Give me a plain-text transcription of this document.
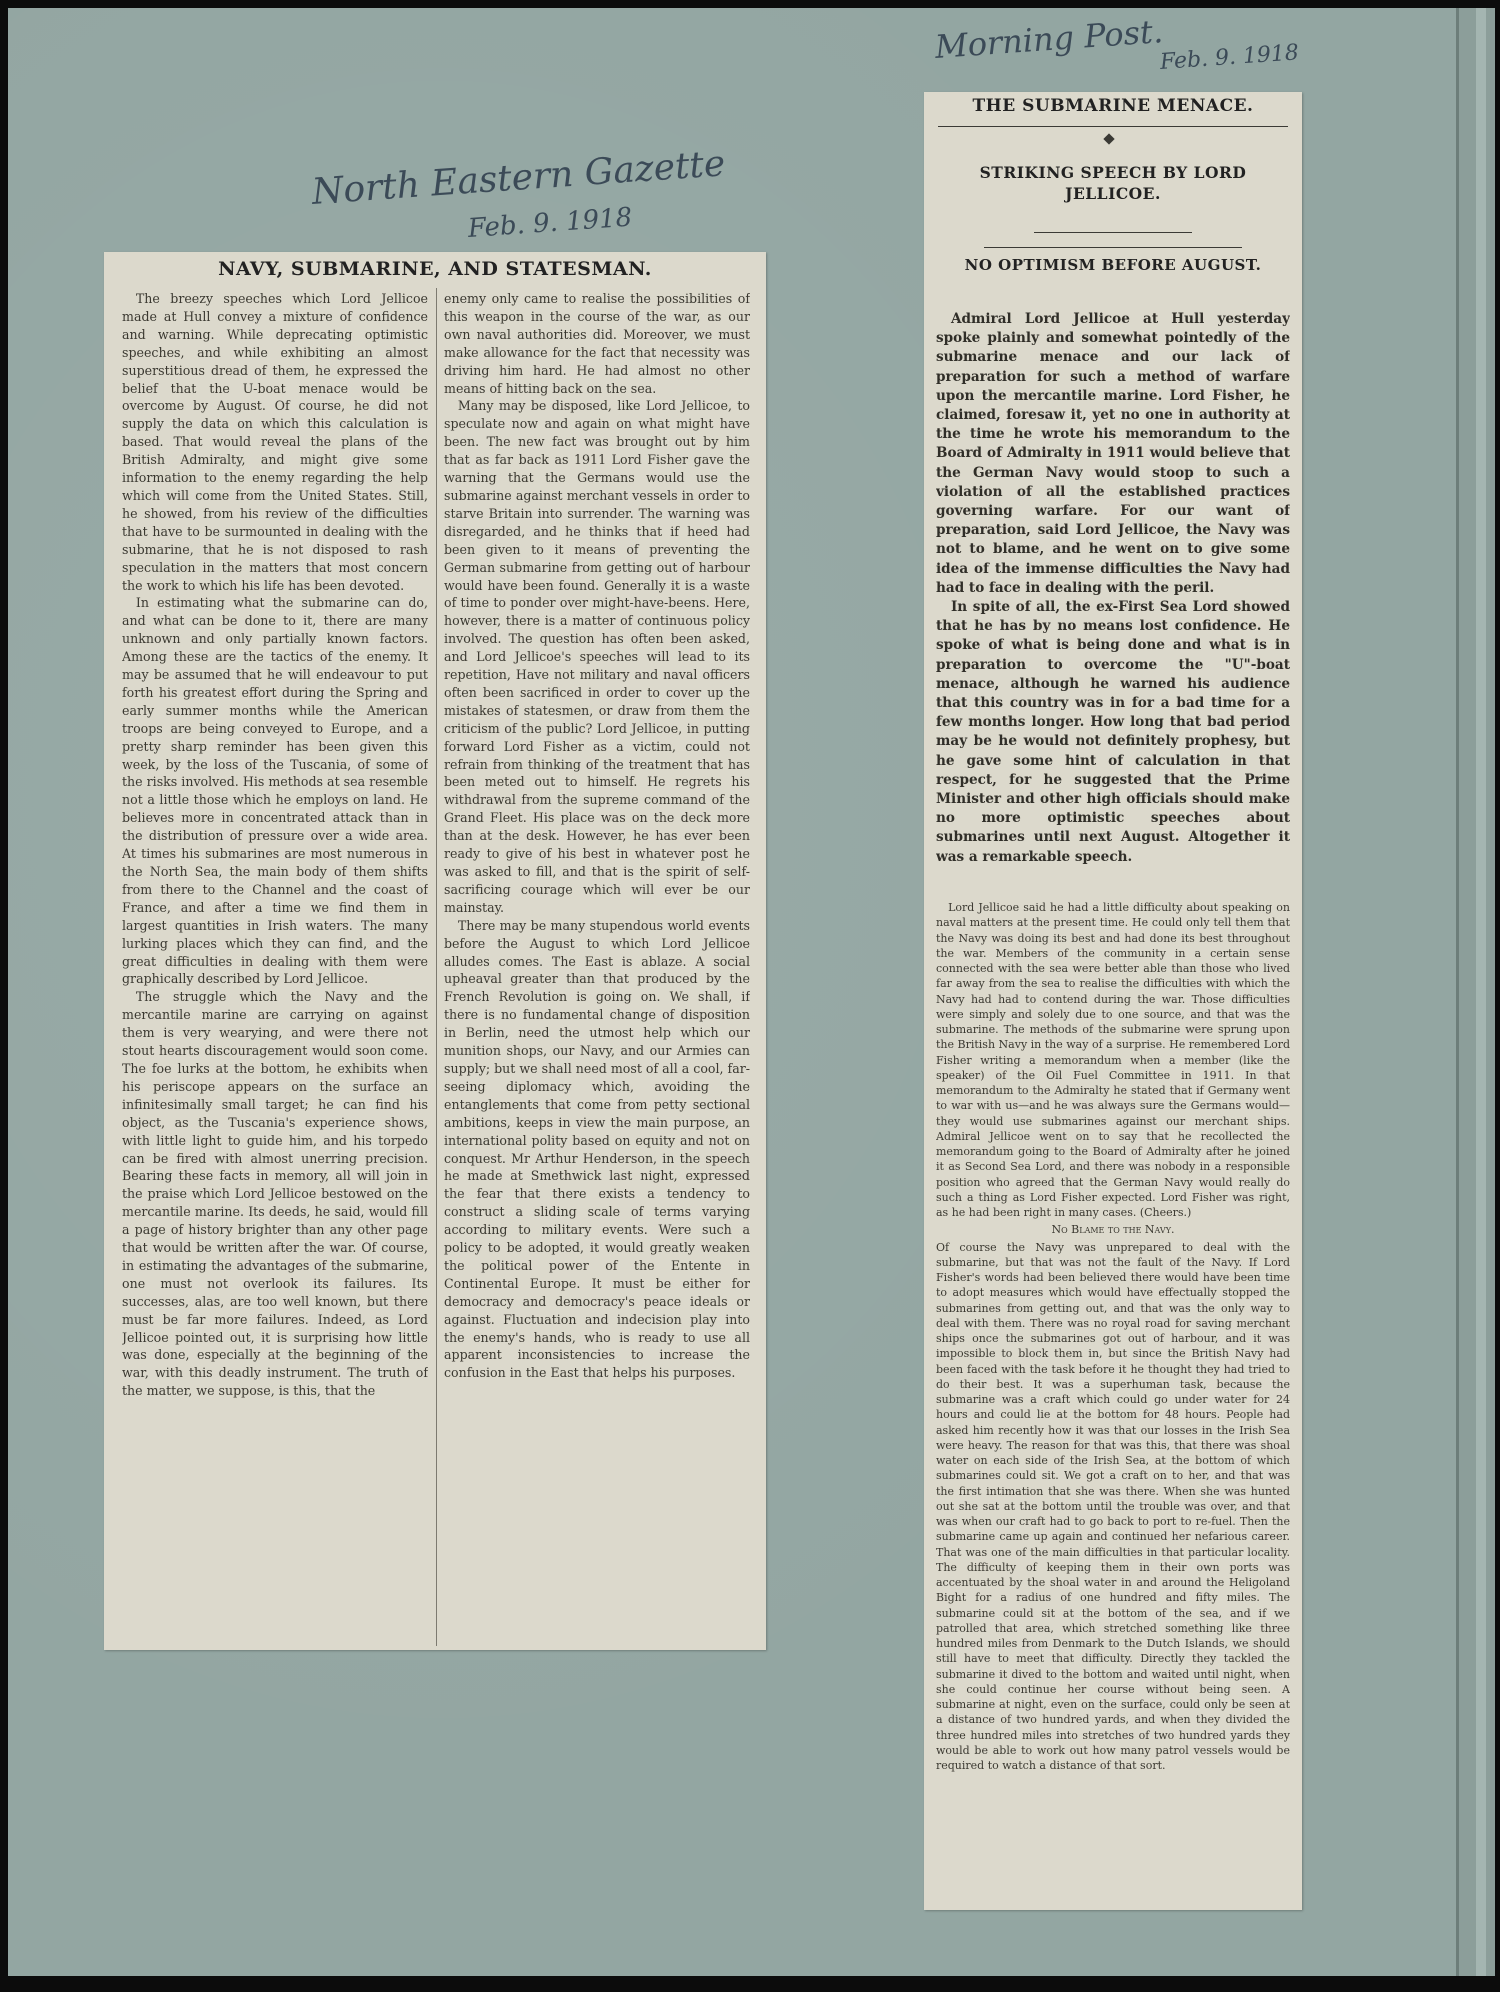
North Eastern Gazette
Feb. 9. 1918
Morning Post.
Feb. 9. 1918
NAVY, SUBMARINE, AND STATESMAN.

The breezy speeches which Lord Jellicoe made at Hull convey a mixture of confidence and warning. While deprecating optimistic speeches, and while exhibiting an almost superstitious dread of them, he expressed the belief that the U-boat menace would be overcome by August. Of course, he did not supply the data on which this calculation is based. That would reveal the plans of the British Admiralty, and might give some information to the enemy regarding the help which will come from the United States. Still, he showed, from his review of the difficulties that have to be surmounted in dealing with the submarine, that he is not disposed to rash speculation in the matters that most concern the work to which his life has been devoted.

In estimating what the submarine can do, and what can be done to it, there are many unknown and only partially known factors. Among these are the tactics of the enemy. It may be assumed that he will endeavour to put forth his greatest effort during the Spring and early summer months while the American troops are being conveyed to Europe, and a pretty sharp reminder has been given this week, by the loss of the Tuscania, of some of the risks involved. His methods at sea resemble not a little those which he employs on land. He believes more in concentrated attack than in the distribution of pressure over a wide area. At times his submarines are most numerous in the North Sea, the main body of them shifts from there to the Channel and the coast of France, and after a time we find them in largest quantities in Irish waters. The many lurking places which they can find, and the great difficulties in dealing with them were graphically described by Lord Jellicoe.

The struggle which the Navy and the mercantile marine are carrying on against them is very wearying, and were there not stout hearts discouragement would soon come. The foe lurks at the bottom, he exhibits when his periscope appears on the surface an infinitesimally small target; he can find his object, as the Tuscania's experience shows, with little light to guide him, and his torpedo can be fired with almost unerring precision. Bearing these facts in memory, all will join in the praise which Lord Jellicoe bestowed on the mercantile marine. Its deeds, he said, would fill a page of history brighter than any other page that would be written after the war. Of course, in estimating the advantages of the submarine, one must not overlook its failures. Its successes, alas, are too well known, but there must be far more failures. Indeed, as Lord Jellicoe pointed out, it is surprising how little was done, especially at the beginning of the war, with this deadly instrument. The truth of the matter, we suppose, is this, that the

enemy only came to realise the possibilities of this weapon in the course of the war, as our own naval authorities did. Moreover, we must make allowance for the fact that necessity was driving him hard. He had almost no other means of hitting back on the sea.

Many may be disposed, like Lord Jellicoe, to speculate now and again on what might have been. The new fact was brought out by him that as far back as 1911 Lord Fisher gave the warning that the Germans would use the submarine against merchant vessels in order to starve Britain into surrender. The warning was disregarded, and he thinks that if heed had been given to it means of preventing the German submarine from getting out of harbour would have been found. Generally it is a waste of time to ponder over might-have-beens. Here, however, there is a matter of continuous policy involved. The question has often been asked, and Lord Jellicoe's speeches will lead to its repetition, Have not military and naval officers often been sacrificed in order to cover up the mistakes of statesmen, or draw from them the criticism of the public? Lord Jellicoe, in putting forward Lord Fisher as a victim, could not refrain from thinking of the treatment that has been meted out to himself. He regrets his withdrawal from the supreme command of the Grand Fleet. His place was on the deck more than at the desk. However, he has ever been ready to give of his best in whatever post he was asked to fill, and that is the spirit of self-sacrificing courage which will ever be our mainstay.

There may be many stupendous world events before the August to which Lord Jellicoe alludes comes. The East is ablaze. A social upheaval greater than that produced by the French Revolution is going on. We shall, if there is no fundamental change of disposition in Berlin, need the utmost help which our munition shops, our Navy, and our Armies can supply; but we shall need most of all a cool, far-seeing diplomacy which, avoiding the entanglements that come from petty sectional ambitions, keeps in view the main purpose, an international polity based on equity and not on conquest. Mr Arthur Henderson, in the speech he made at Smethwick last night, expressed the fear that there exists a tendency to construct a sliding scale of terms varying according to military events. Were such a policy to be adopted, it would greatly weaken the political power of the Entente in Continental Europe. It must be either for democracy and democracy's peace ideals or against. Fluctuation and indecision play into the enemy's hands, who is ready to use all apparent inconsistencies to increase the confusion in the East that helps his purposes.

THE SUBMARINE MENACE.
STRIKING SPEECH BY LORD JELLICOE.
NO OPTIMISM BEFORE AUGUST.

Admiral Lord Jellicoe at Hull yesterday spoke plainly and somewhat pointedly of the submarine menace and our lack of preparation for such a method of warfare upon the mercantile marine. Lord Fisher, he claimed, foresaw it, yet no one in authority at the time he wrote his memorandum to the Board of Admiralty in 1911 would believe that the German Navy would stoop to such a violation of all the established practices governing warfare. For our want of preparation, said Lord Jellicoe, the Navy was not to blame, and he went on to give some idea of the immense difficulties the Navy had had to face in dealing with the peril.

In spite of all, the ex-First Sea Lord showed that he has by no means lost confidence. He spoke of what is being done and what is in preparation to overcome the "U"-boat menace, although he warned his audience that this country was in for a bad time for a few months longer. How long that bad period may be he would not definitely prophesy, but he gave some hint of calculation in that respect, for he suggested that the Prime Minister and other high officials should make no more optimistic speeches about submarines until next August. Altogether it was a remarkable speech.

Lord Jellicoe said he had a little difficulty about speaking on naval matters at the present time. He could only tell them that the Navy was doing its best and had done its best throughout the war. Members of the community in a certain sense connected with the sea were better able than those who lived far away from the sea to realise the difficulties with which the Navy had had to contend during the war. Those difficulties were simply and solely due to one source, and that was the submarine. The methods of the submarine were sprung upon the British Navy in the way of a surprise. He remembered Lord Fisher writing a memorandum when a member (like the speaker) of the Oil Fuel Committee in 1911. In that memorandum to the Admiralty he stated that if Germany went to war with us—and he was always sure the Germans would—they would use submarines against our merchant ships. Admiral Jellicoe went on to say that he recollected the memorandum going to the Board of Admiralty after he joined it as Second Sea Lord, and there was nobody in a responsible position who agreed that the German Navy would really do such a thing as Lord Fisher expected. Lord Fisher was right, as he had been right in many cases. (Cheers.)

No Blame to the Navy.

Of course the Navy was unprepared to deal with the submarine, but that was not the fault of the Navy. If Lord Fisher's words had been believed there would have been time to adopt measures which would have effectually stopped the submarines from getting out, and that was the only way to deal with them. There was no royal road for saving merchant ships once the submarines got out of harbour, and it was impossible to block them in, but since the British Navy had been faced with the task before it he thought they had tried to do their best. It was a superhuman task, because the submarine was a craft which could go under water for 24 hours and could lie at the bottom for 48 hours. People had asked him recently how it was that our losses in the Irish Sea were heavy. The reason for that was this, that there was shoal water on each side of the Irish Sea, at the bottom of which submarines could sit. We got a craft on to her, and that was the first intimation that she was there. When she was hunted out she sat at the bottom until the trouble was over, and that was when our craft had to go back to port to re-fuel. Then the submarine came up again and continued her nefarious career. That was one of the main difficulties in that particular locality. The difficulty of keeping them in their own ports was accentuated by the shoal water in and around the Heligoland Bight for a radius of one hundred and fifty miles. The submarine could sit at the bottom of the sea, and if we patrolled that area, which stretched something like three hundred miles from Denmark to the Dutch Islands, we should still have to meet that difficulty. Directly they tackled the submarine it dived to the bottom and waited until night, when she could continue her course without being seen. A submarine at night, even on the surface, could only be seen at a distance of two hundred yards, and when they divided the three hundred miles into stretches of two hundred yards they would be able to work out how many patrol vessels would be required to watch a distance of that sort.
